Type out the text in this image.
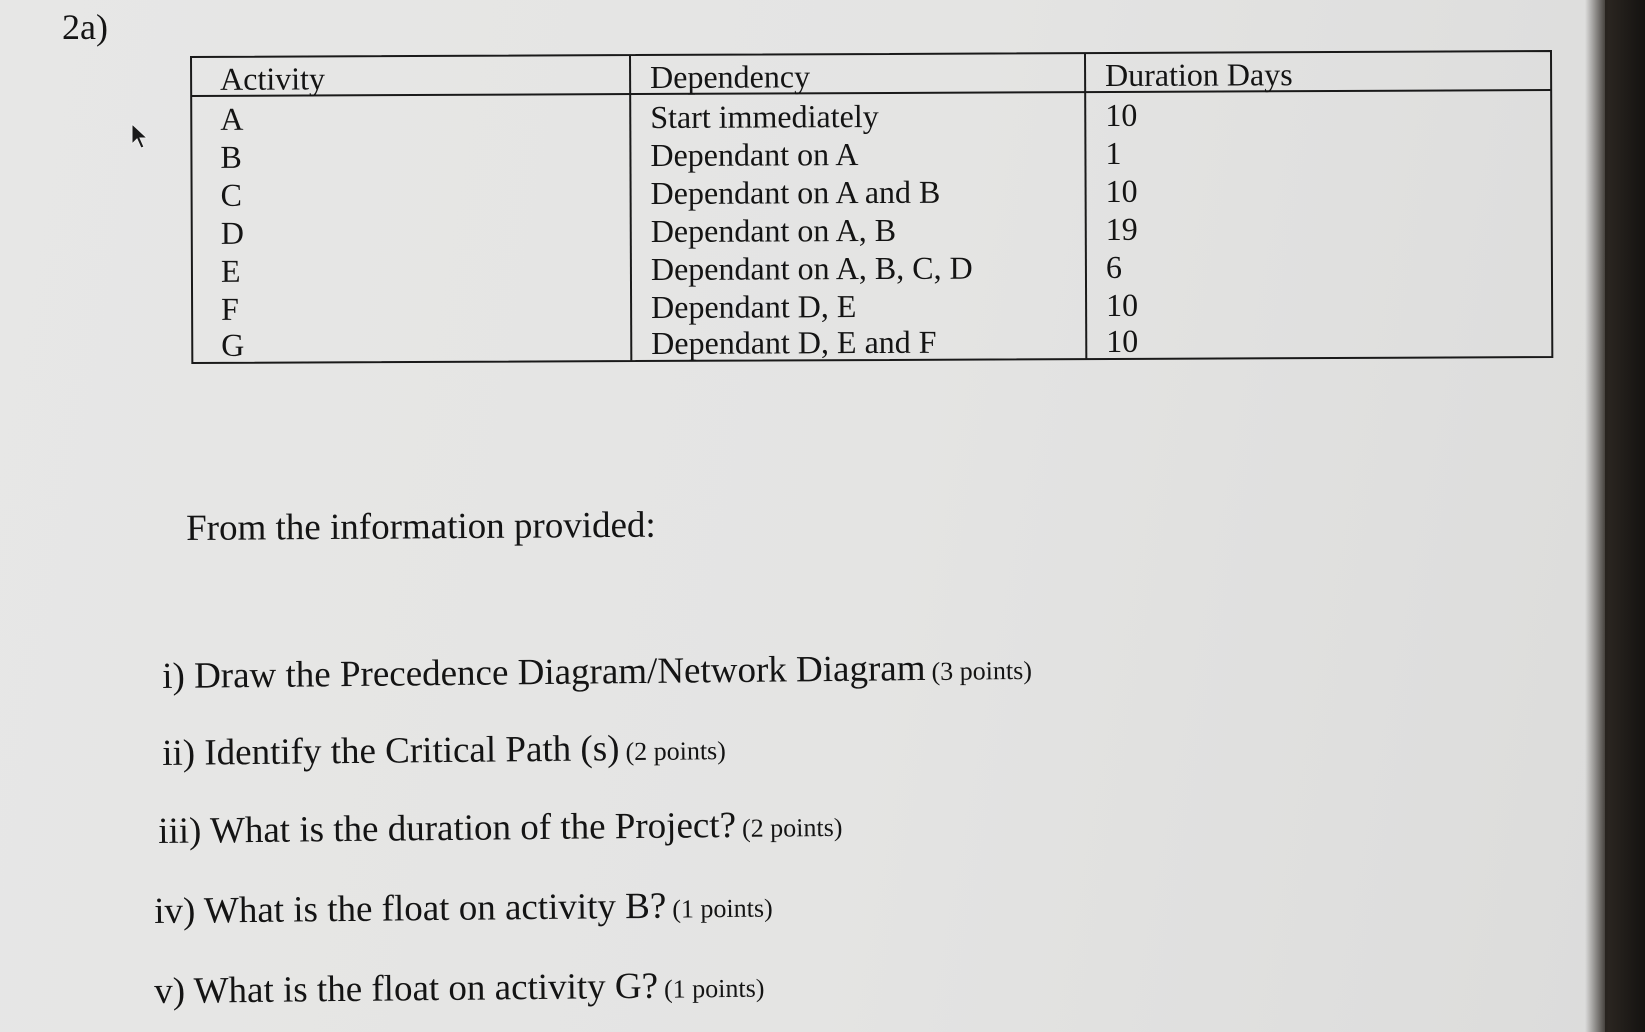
2a)
Activity	Dependency	Duration Days
A	Start immediately	10
B	Dependant on A	1
C	Dependant on A and B	10
D	Dependant on A, B	19
E	Dependant on A, B, C, D	6
F	Dependant D, E	10
G	Dependant D, E and F	10
From the information provided:
i) Draw the Precedence Diagram/Network Diagram (3 points)
ii) Identify the Critical Path (s) (2 points)
iii) What is the duration of the Project? (2 points)
iv) What is the float on activity B? (1 points)
v) What is the float on activity G? (1 points)
